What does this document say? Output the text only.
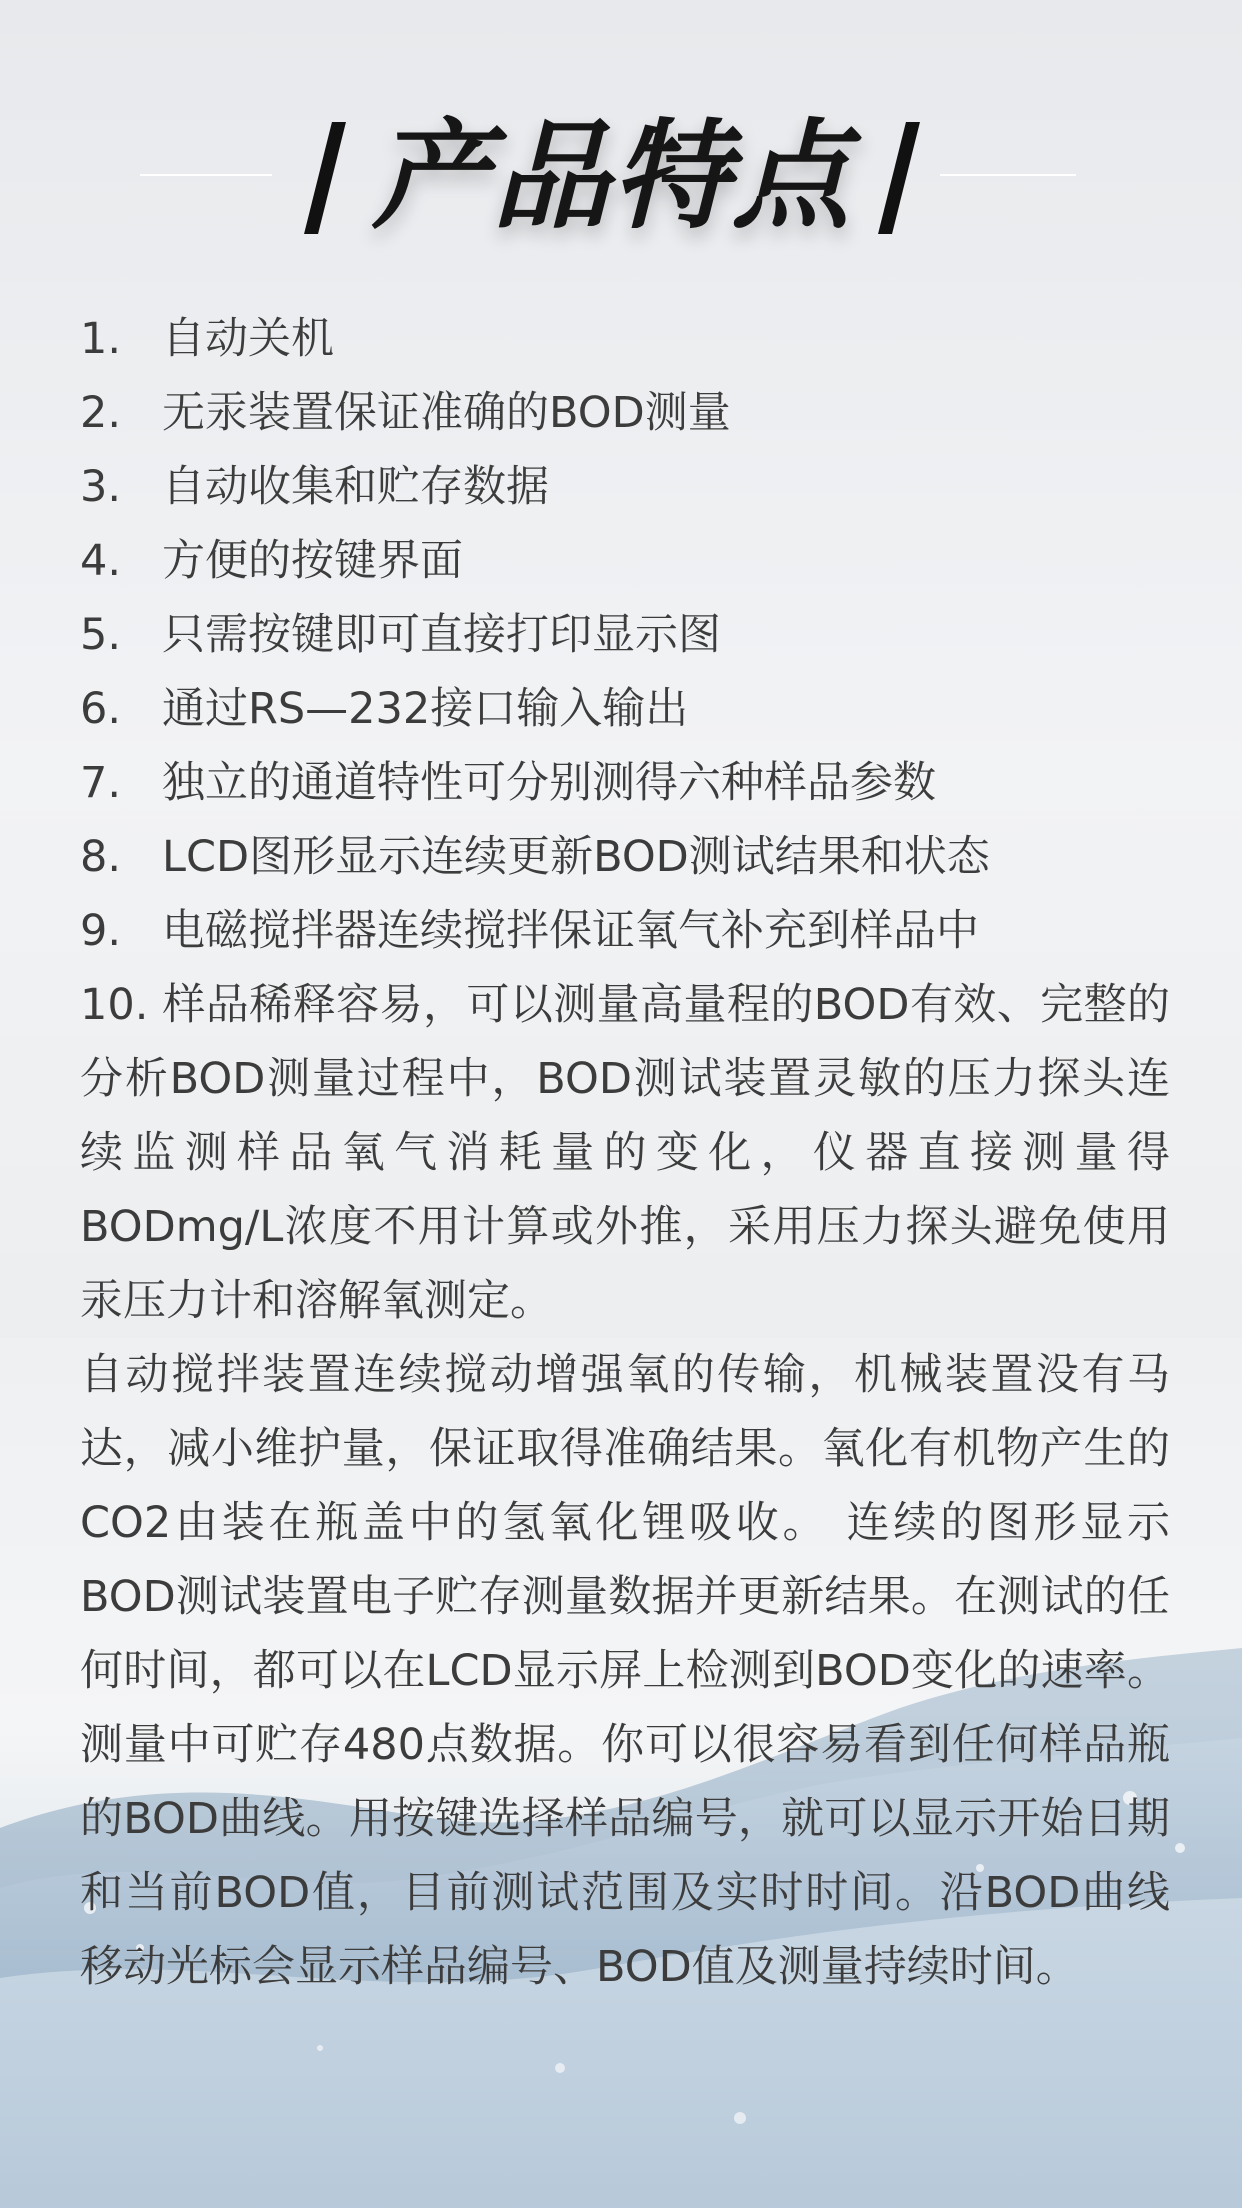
产品特点
1. 自动关机
2. 无汞装置保证准确的BOD测量
3. 自动收集和贮存数据
4. 方便的按键界面
5. 只需按键即可直接打印显示图
6. 通过RS—232接口输入输出
7. 独立的通道特性可分别测得六种样品参数
8. LCD图形显示连续更新BOD测试结果和状态
9. 电磁搅拌器连续搅拌保证氧气补充到样品中

10. 样品稀释容易，可以测量高量程的BOD有效、完整的分析BOD测量过程中，BOD测试装置灵敏的压力探头连续监测样品氧气消耗量的变化，仪器直接测量得BODmg/L浓度不用计算或外推，采用压力探头避免使用汞压力计和溶解氧测定。

自动搅拌装置连续搅动增强氧的传输，机械装置没有马达，减小维护量，保证取得准确结果。氧化有机物产生的CO2由装在瓶盖中的氢氧化锂吸收。 连续的图形显示 BOD测试装置电子贮存测量数据并更新结果。在测试的任何时间，都可以在LCD显示屏上检测到BOD变化的速率。测量中可贮存480点数据。你可以很容易看到任何样品瓶的BOD曲线。用按键选择样品编号，就可以显示开始日期和当前BOD值，目前测试范围及实时时间。沿BOD曲线移动光标会显示样品编号、BOD值及测量持续时间。
